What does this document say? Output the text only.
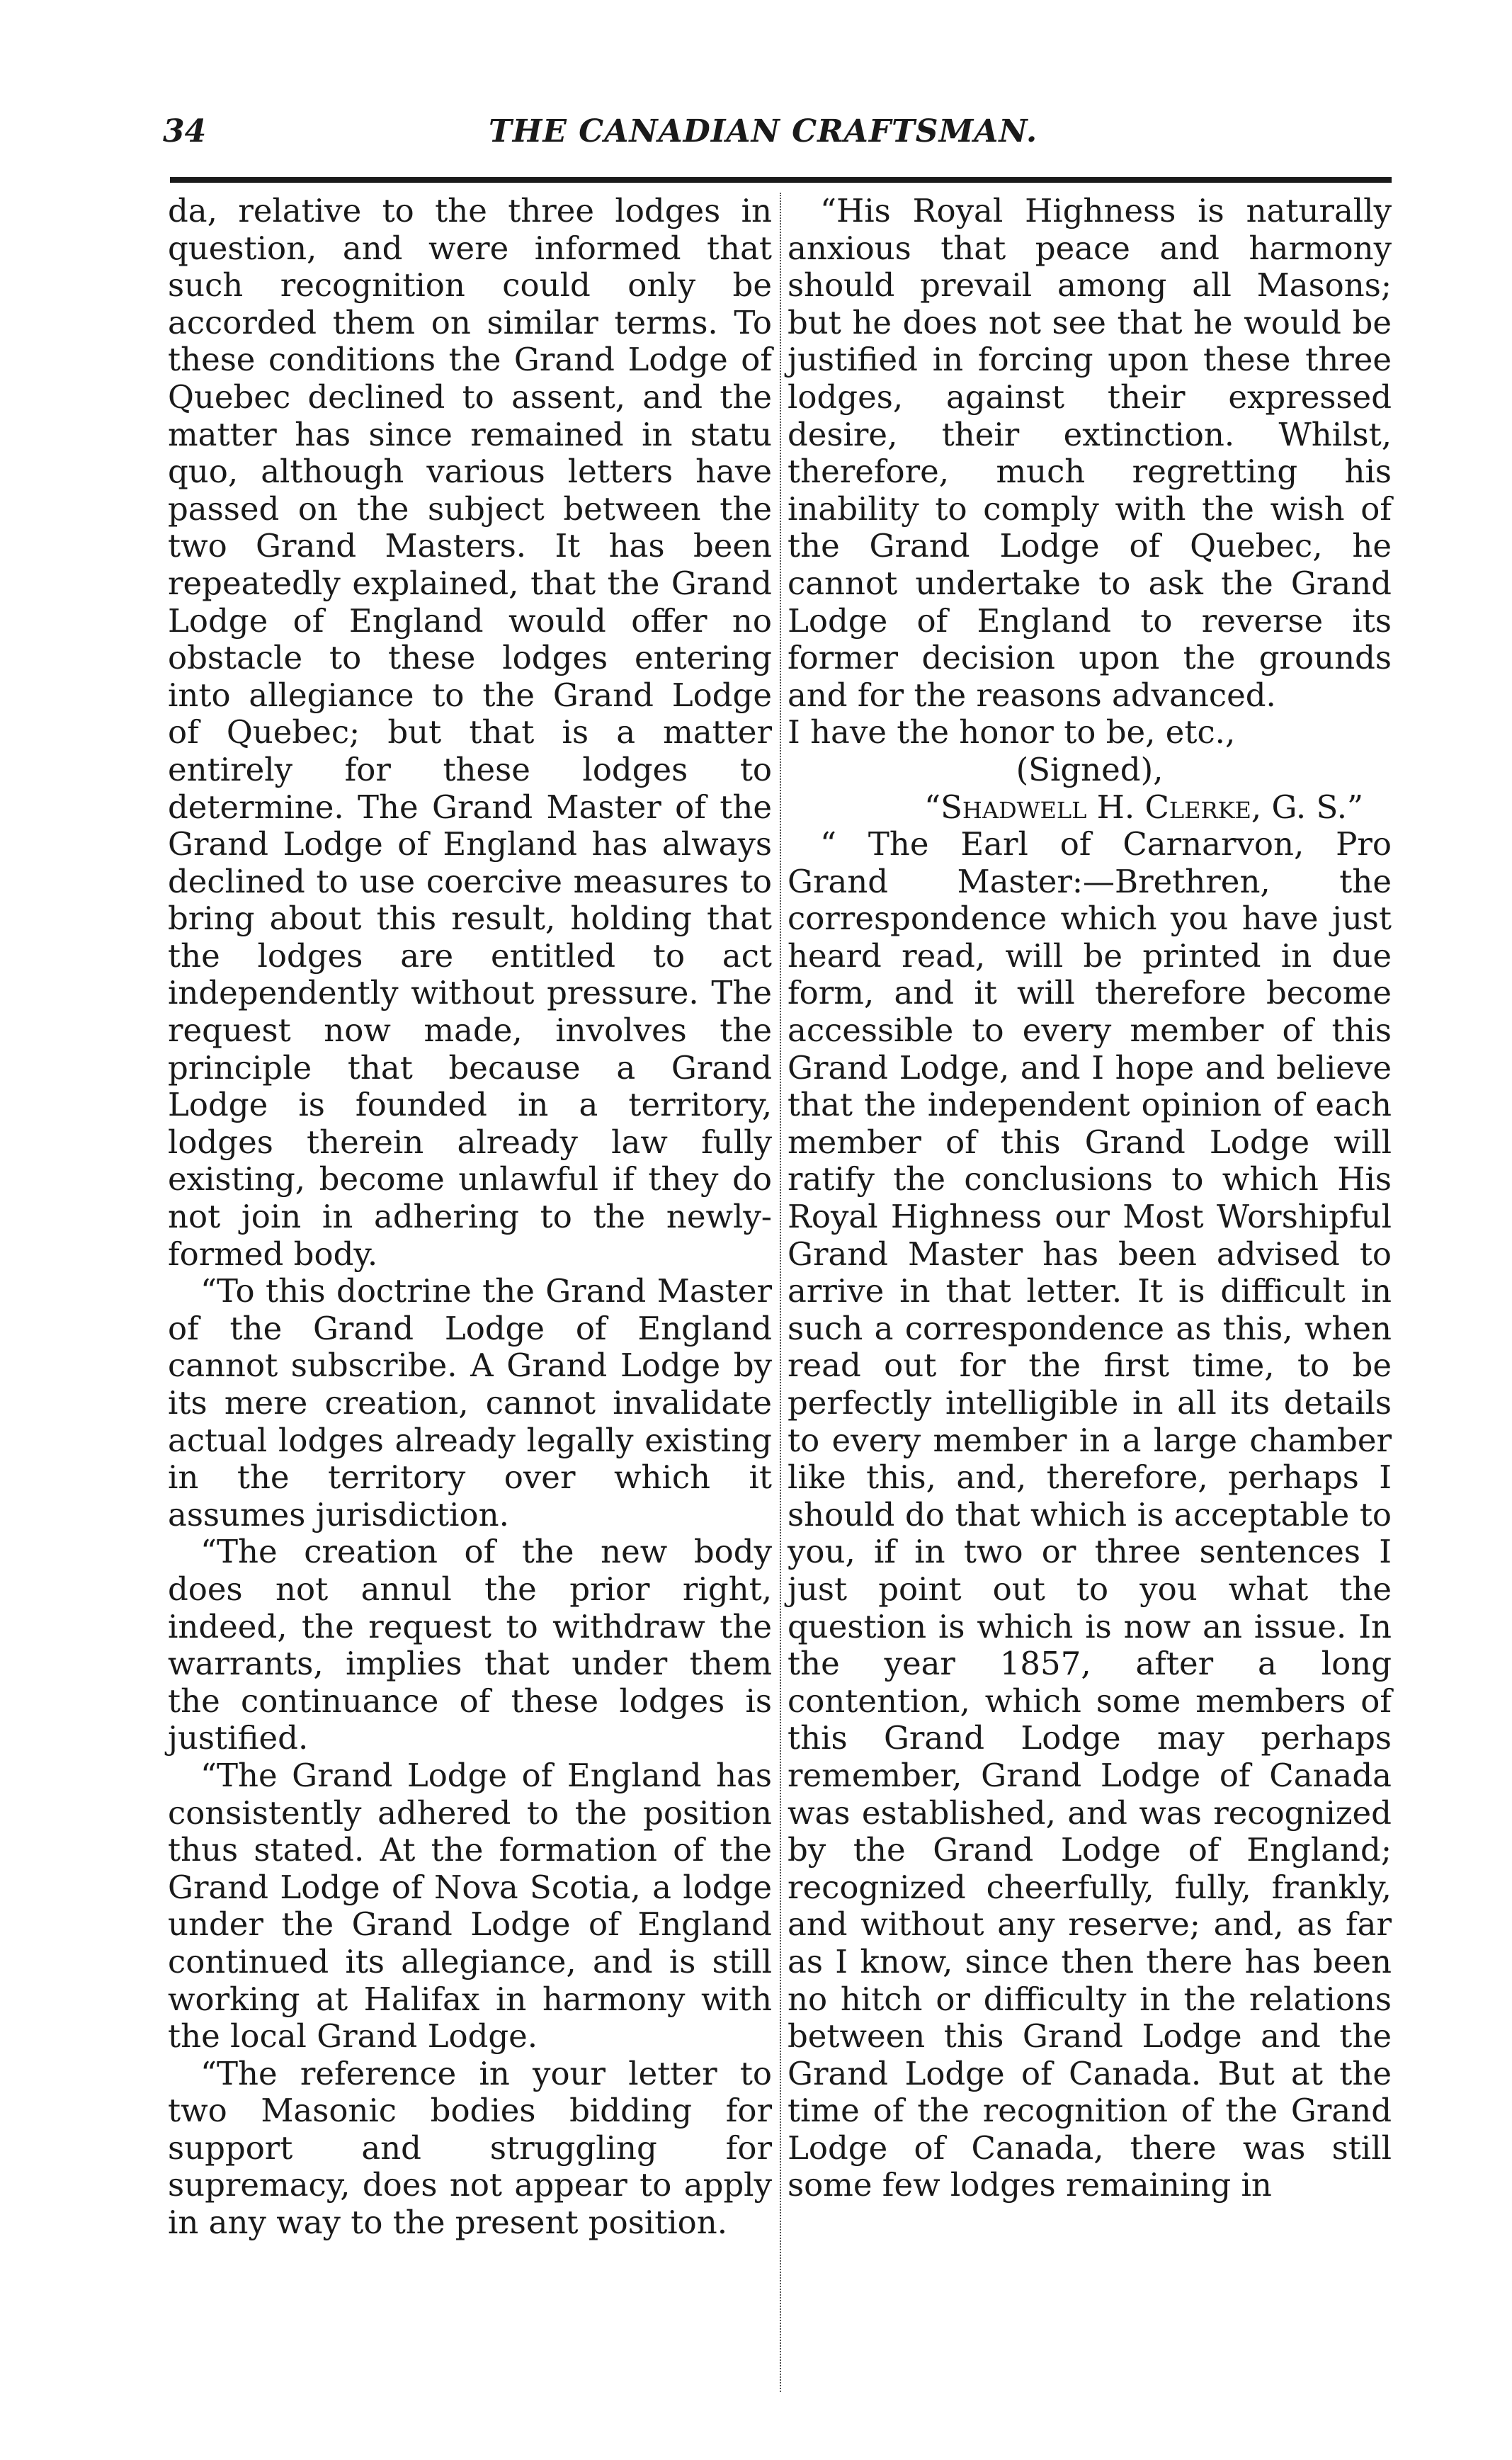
34	THE CANADIAN CRAFTSMAN.

da, relative to the three lodges in question, and were informed that such recognition could only be accorded them on similar terms. To these conditions the Grand Lodge of Quebec declined to assent, and the matter has since remained in statu quo, although various letters have passed on the subject between the two Grand Masters. It has been repeatedly explained, that the Grand Lodge of England would offer no obstacle to these lodges entering into allegiance to the Grand Lodge of Quebec; but that is a matter entirely for these lodges to determine. The Grand Master of the Grand Lodge of England has always declined to use coercive measures to bring about this result, holding that the lodges are entitled to act independently without pressure. The request now made, involves the principle that because a Grand Lodge is founded in a territory, lodges therein already law fully existing, become unlawful if they do not join in adhering to the newly-formed body.

“To this doctrine the Grand Master of the Grand Lodge of England cannot subscribe. A Grand Lodge by its mere creation, cannot invalidate actual lodges already legally existing in the territory over which it assumes jurisdiction.

“The creation of the new body does not annul the prior right, indeed, the request to withdraw the warrants, implies that under them the continuance of these lodges is justified.

“The Grand Lodge of England has consistently adhered to the position thus stated. At the formation of the Grand Lodge of Nova Scotia, a lodge under the Grand Lodge of England continued its allegiance, and is still working at Halifax in harmony with the local Grand Lodge.

“The reference in your letter to two Masonic bodies bidding for support and struggling for supremacy, does not appear to apply in any way to the present position.

“His Royal Highness is naturally anxious that peace and harmony should prevail among all Masons; but he does not see that he would be justified in forcing upon these three lodges, against their expressed desire, their extinction. Whilst, therefore, much regretting his inability to comply with the wish of the Grand Lodge of Quebec, he cannot undertake to ask the Grand Lodge of England to reverse its former decision upon the grounds and for the reasons advanced.

I have the honor to be, etc.,

(Signed),

“Shadwell H. Clerke, G. S.”

“ The Earl of Carnarvon, Pro Grand Master:—Brethren, the correspondence which you have just heard read, will be printed in due form, and it will therefore become accessible to every member of this Grand Lodge, and I hope and believe that the independent opinion of each member of this Grand Lodge will ratify the conclusions to which His Royal Highness our Most Worshipful Grand Master has been advised to arrive in that letter. It is difficult in such a correspondence as this, when read out for the first time, to be perfectly intelligible in all its details to every member in a large chamber like this, and, therefore, perhaps I should do that which is acceptable to you, if in two or three sentences I just point out to you what the question is which is now an issue. In the year 1857, after a long contention, which some members of this Grand Lodge may perhaps remember, Grand Lodge of Canada was established, and was recognized by the Grand Lodge of England; recognized cheerfully, fully, frankly, and without any reserve; and, as far as I know, since then there has been no hitch or difficulty in the relations between this Grand Lodge and the Grand Lodge of Canada. But at the time of the recognition of the Grand Lodge of Canada, there was still some few lodges remaining in
